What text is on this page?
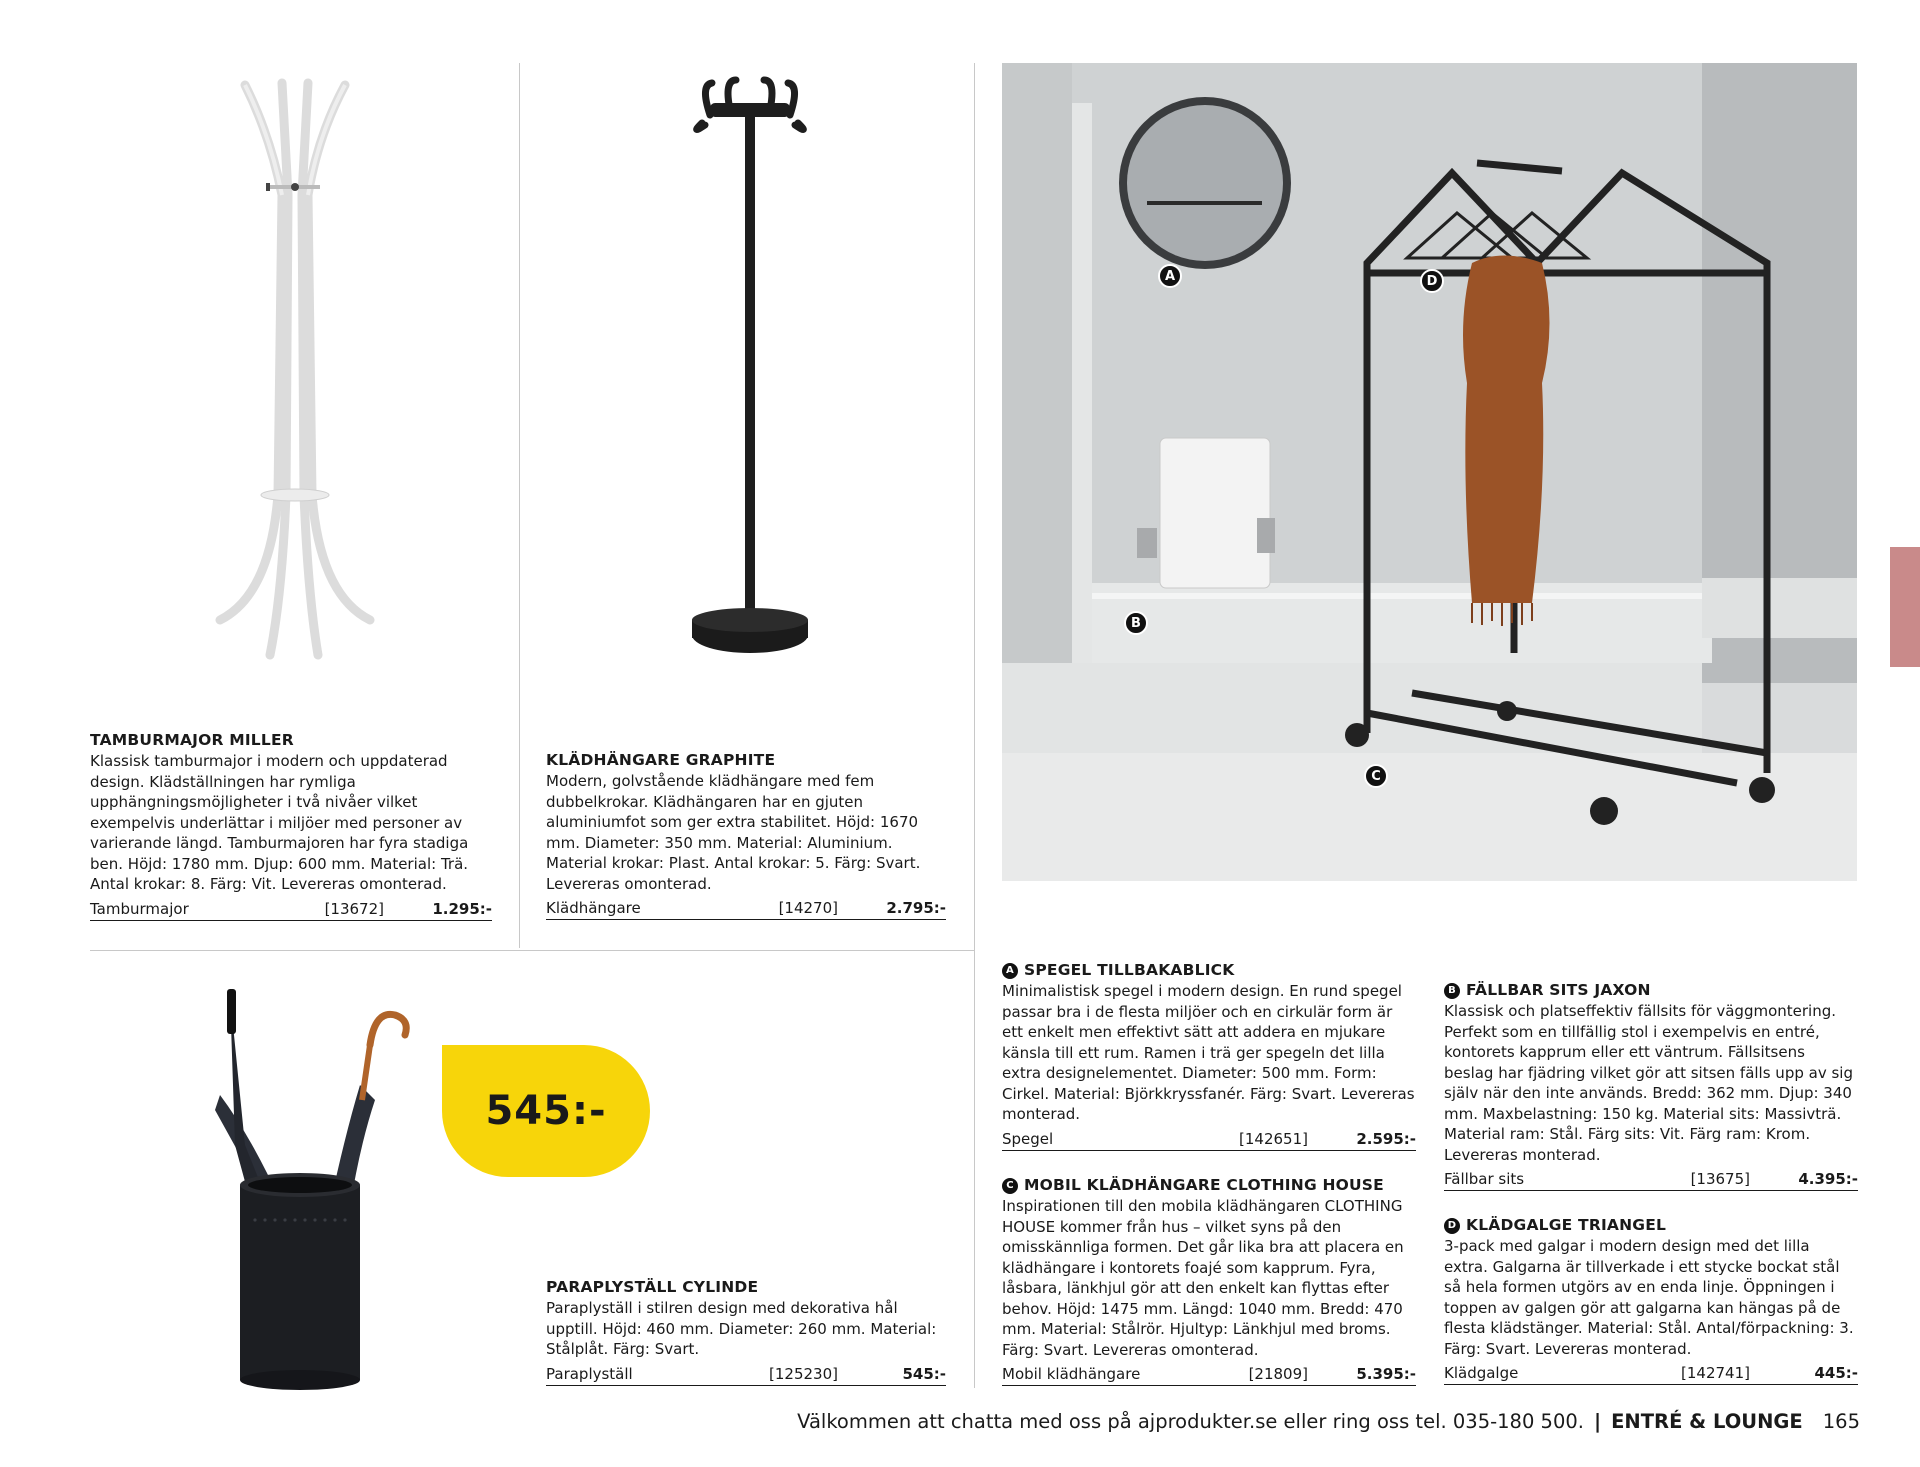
545:-
A
B
C
D
TAMBURMAJOR MILLER

Klassisk tamburmajor i modern och uppdaterad design. Klädställningen har rymliga upphängningsmöjligheter i två nivåer vilket exempelvis underlättar i miljöer med personer av varierande längd. Tamburmajoren har fyra stadiga ben. Höjd: 1780 mm. Djup: 600 mm. Material: Trä. Antal krokar: 8. Färg: Vit. Levereras omonterad.

Tamburmajor	[13672]	1.295:-
KLÄDHÄNGARE GRAPHITE

Modern, golvstående klädhängare med fem dubbelkrokar. Klädhängaren har en gjuten aluminiumfot som ger extra stabilitet. Höjd: 1670 mm. Diameter: 350 mm. Material: Aluminium. Material krokar: Plast. Antal krokar: 5. Färg: Svart. Levereras omonterad.

Klädhängare	[14270]	2.795:-
PARAPLYSTÄLL CYLINDE

Paraplyställ i stilren design med dekorativa hål upptill. Höjd: 460 mm. Diameter: 260 mm. Material: Stålplåt. Färg: Svart.

Paraplyställ	[125230]	545:-
A SPEGEL TILLBAKABLICK

Minimalistisk spegel i modern design. En rund spegel passar bra i de flesta miljöer och en cirkulär form är ett enkelt men effektivt sätt att addera en mjukare känsla till ett rum. Ramen i trä ger spegeln det lilla extra designelementet. Diameter: 500 mm. Form: Cirkel. Material: Björkkryssfanér. Färg: Svart. Levereras monterad.

Spegel	[142651]	2.595:-
C MOBIL KLÄDHÄNGARE CLOTHING HOUSE

Inspirationen till den mobila klädhängaren CLOTHING HOUSE kommer från hus – vilket syns på den omisskännliga formen. Det går lika bra att placera en klädhängare i kontorets foajé som kapprum. Fyra, låsbara, länkhjul gör att den enkelt kan flyttas efter behov. Höjd: 1475 mm. Längd: 1040 mm. Bredd: 470 mm. Material: Stålrör. Hjultyp: Länkhjul med broms. Färg: Svart. Levereras omonterad.

Mobil klädhängare	[21809]	5.395:-
B FÄLLBAR SITS JAXON

Klassisk och platseffektiv fällsits för väggmontering. Perfekt som en tillfällig stol i exempelvis en entré, kontorets kapprum eller ett väntrum. Fällsitsens beslag har fjädring vilket gör att sitsen fälls upp av sig själv när den inte används. Bredd: 362 mm. Djup: 340 mm. Maxbelastning: 150 kg. Material sits: Massivträ. Material ram: Stål. Färg sits: Vit. Färg ram: Krom. Levereras monterad.

Fällbar sits	[13675]	4.395:-
D KLÄDGALGE TRIANGEL

3-pack med galgar i modern design med det lilla extra. Galgarna är tillverkade i ett stycke bockat stål så hela formen utgörs av en enda linje. Öppningen i toppen av galgen gör att galgarna kan hängas på de flesta klädstänger. Material: Stål. Antal/förpackning: 3. Färg: Svart. Levereras monterad.

Klädgalge	[142741]	445:-
Välkommen att chatta med oss på ajprodukter.se eller ring oss tel. 035-180 500. | ENTRÉ & LOUNGE 165
